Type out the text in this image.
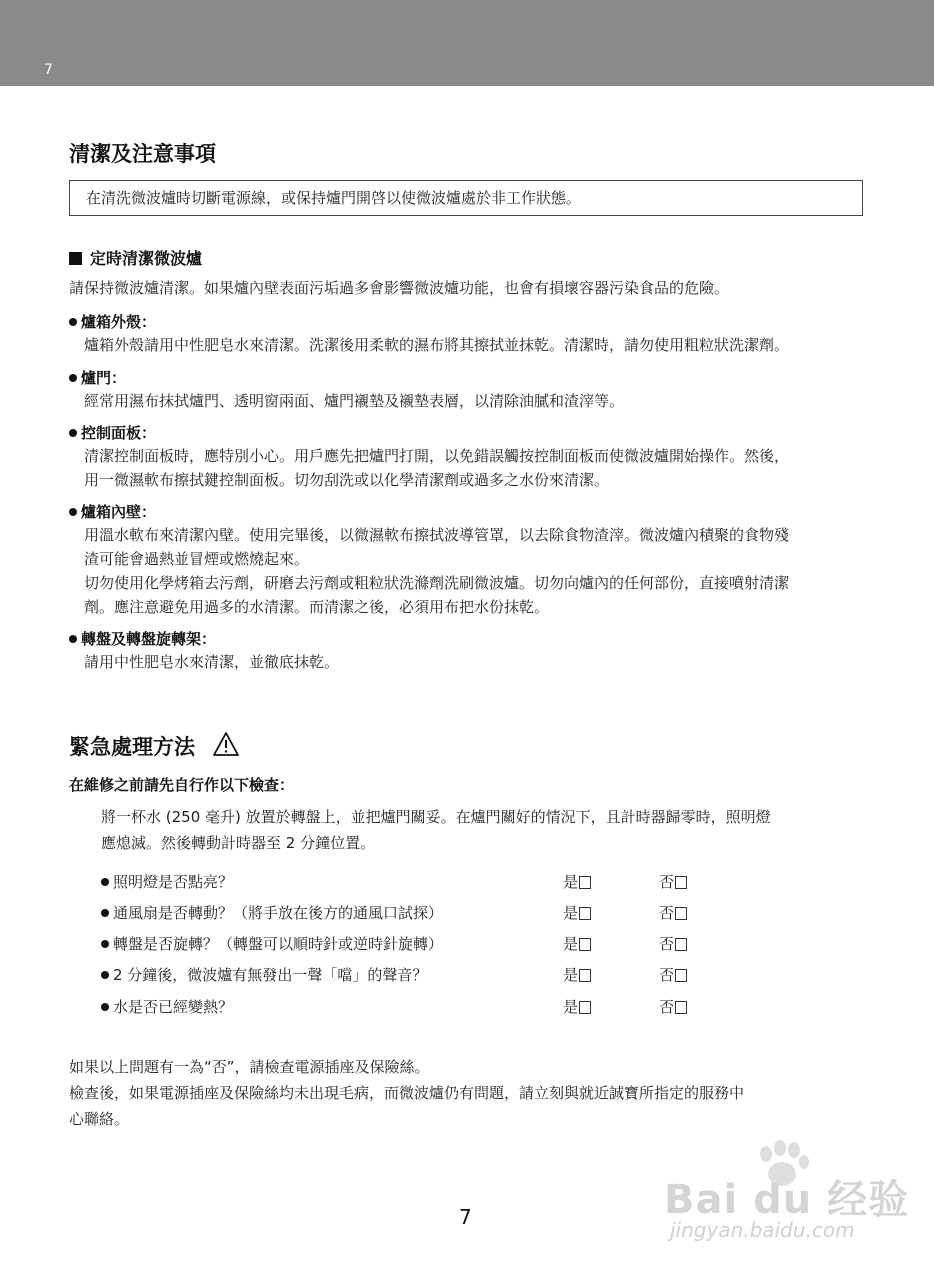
7
清潔及注意事項
在清洗微波爐時切斷電源線，或保持爐門開啓以使微波爐處於非工作狀態。
定時清潔微波爐
請保持微波爐清潔。如果爐內壁表面污垢過多會影響微波爐功能，也會有損壞容器污染食品的危險。
爐箱外殼：
爐箱外殼請用中性肥皂水來清潔。洗潔後用柔軟的濕布將其擦拭並抹乾。清潔時，請勿使用粗粒狀洗潔劑。
爐門：
經常用濕布抹拭爐門、透明窗兩面、爐門襯墊及襯墊表層，以清除油膩和渣滓等。
控制面板：
清潔控制面板時，應特別小心。用戶應先把爐門打開，以免錯誤觸按控制面板而使微波爐開始操作。然後，
用一微濕軟布擦拭鍵控制面板。切勿刮洗或以化學清潔劑或過多之水份來清潔。
爐箱內壁：
用溫水軟布來清潔內壁。使用完畢後，以微濕軟布擦拭波導管罩，以去除食物渣滓。微波爐內積聚的食物殘
渣可能會過熱並冒煙或燃燒起來。
切勿使用化學烤箱去污劑，研磨去污劑或粗粒狀洗滌劑洗刷微波爐。切勿向爐內的任何部份，直接噴射清潔
劑。應注意避免用過多的水清潔。而清潔之後，必須用布把水份抹乾。
轉盤及轉盤旋轉架：
請用中性肥皂水來清潔，並徹底抹乾。
緊急處理方法
在維修之前請先自行作以下檢查：
將一杯水 (250 毫升) 放置於轉盤上，並把爐門關妥。在爐門關好的情況下，且計時器歸零時，照明燈
應熄滅。然後轉動計時器至 2 分鐘位置。
照明燈是否點亮？	是	否
通風扇是否轉動？（將手放在後方的通風口試探）	是	否
轉盤是否旋轉？（轉盤可以順時針或逆時針旋轉）	是	否
2 分鐘後，微波爐有無發出一聲「噹」的聲音？	是	否
水是否已經變熱？	是	否
如果以上問題有一為“否”，請檢查電源插座及保險絲。
檢查後，如果電源插座及保險絲均未出現毛病，而微波爐仍有問題，請立刻與就近誠寶所指定的服務中
心聯絡。
7	Bai du 经验
jingyan.baidu.com
